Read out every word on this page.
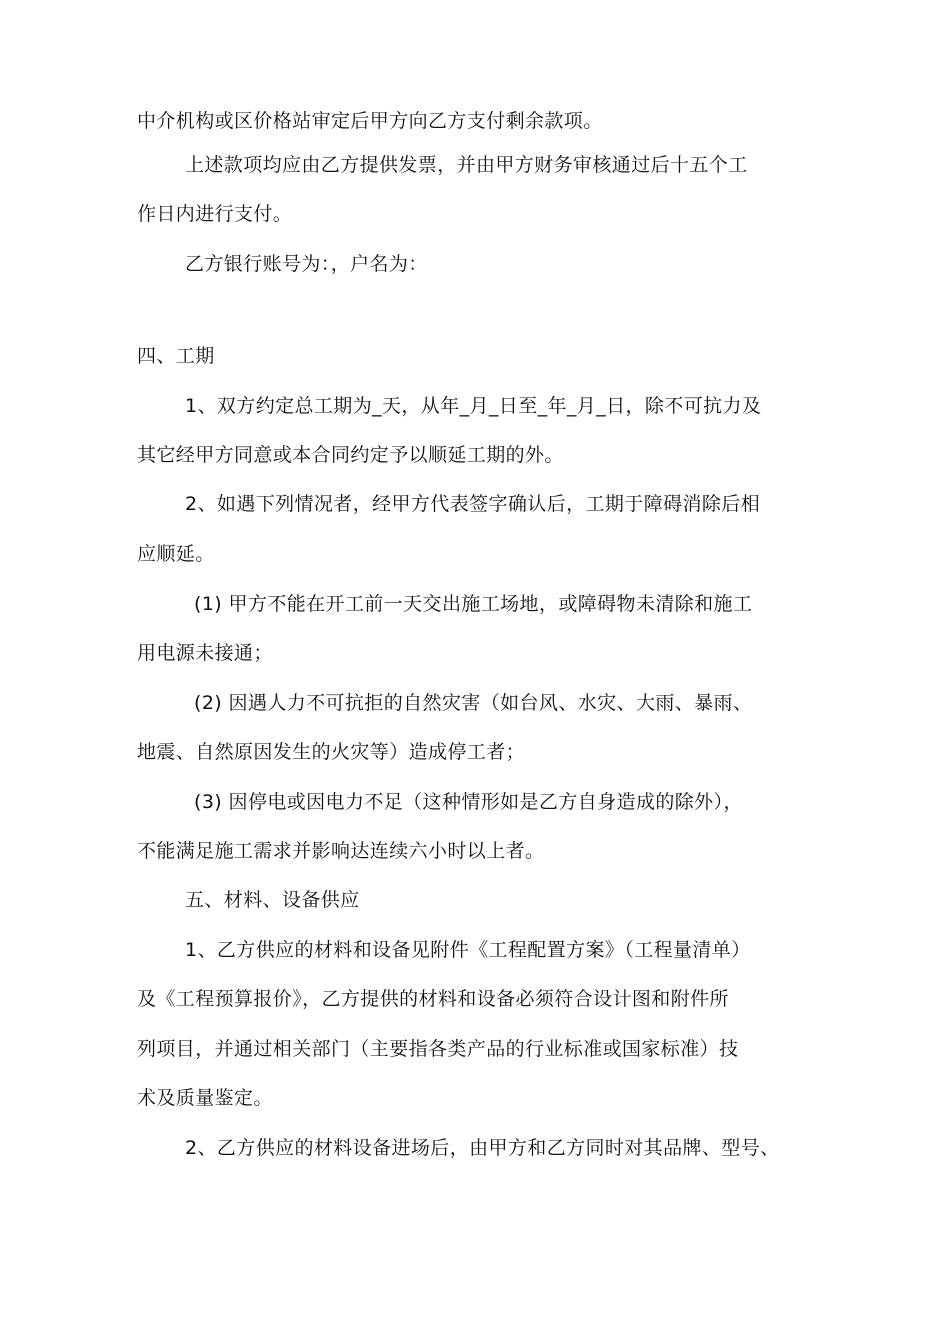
中介机构或区价格站审定后甲方向乙方支付剩余款项。
上述款项均应由乙方提供发票，并由甲方财务审核通过后十五个工
作日内进行支付。
乙方银行账号为：，户名为：
四、工期
1、双方约定总工期为_天，从年_月_日至_年_月_日，除不可抗力及
其它经甲方同意或本合同约定予以顺延工期的外。
2、如遇下列情况者，经甲方代表签字确认后，工期于障碍消除后相
应顺延。
(1) 甲方不能在开工前一天交出施工场地，或障碍物未清除和施工
用电源未接通；
(2) 因遇人力不可抗拒的自然灾害（如台风、水灾、大雨、暴雨、
地震、自然原因发生的火灾等）造成停工者；
(3) 因停电或因电力不足（这种情形如是乙方自身造成的除外），
不能满足施工需求并影响达连续六小时以上者。
五、材料、设备供应
1、乙方供应的材料和设备见附件《工程配置方案》（工程量清单）
及《工程预算报价》，乙方提供的材料和设备必须符合设计图和附件所
列项目，并通过相关部门（主要指各类产品的行业标准或国家标准）技
术及质量鉴定。
2、乙方供应的材料设备进场后，由甲方和乙方同时对其品牌、型号、
